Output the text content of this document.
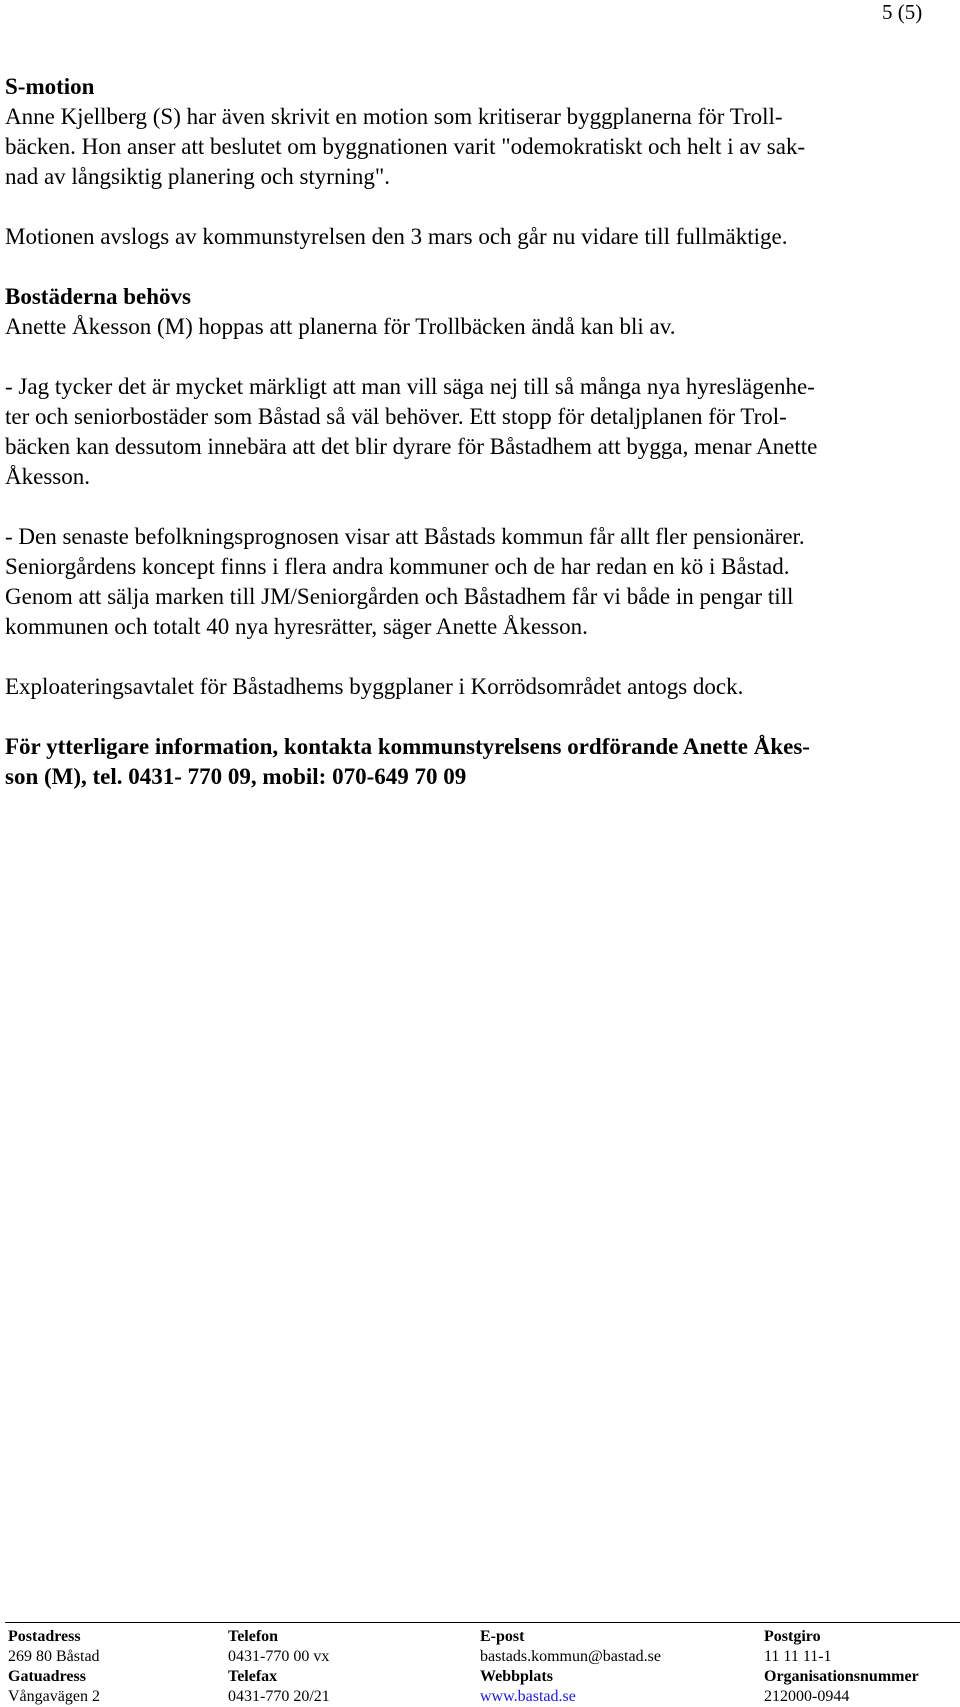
5 (5)

S-motion

Anne Kjellberg (S) har även skrivit en motion som kritiserar byggplanerna för Troll-
bäcken. Hon anser att beslutet om byggnationen varit "odemokratiskt och helt i av sak-
nad av långsiktig planering och styrning".

Motionen avslogs av kommunstyrelsen den 3 mars och går nu vidare till fullmäktige.

Bostäderna behövs

Anette Åkesson (M) hoppas att planerna för Trollbäcken ändå kan bli av.

- Jag tycker det är mycket märkligt att man vill säga nej till så många nya hyreslägenhe-
ter och seniorbostäder som Båstad så väl behöver. Ett stopp för detaljplanen för Trol-
bäcken kan dessutom innebära att det blir dyrare för Båstadhem att bygga, menar Anette
Åkesson.

- Den senaste befolkningsprognosen visar att Båstads kommun får allt fler pensionärer.
Seniorgårdens koncept finns i flera andra kommuner och de har redan en kö i Båstad.
Genom att sälja marken till JM/Seniorgården och Båstadhem får vi både in pengar till
kommunen och totalt 40 nya hyresrätter, säger Anette Åkesson.

Exploateringsavtalet för Båstadhems byggplaner i Korrödsområdet antogs dock.

För ytterligare information, kontakta kommunstyrelsens ordförande Anette Åkes-
son (M), tel. 0431- 770 09, mobil: 070-649 70 09

Postadress	Telefon	E-post	Postgiro
269 80 Båstad	0431-770 00 vx	bastads.kommun@bastad.se	11 11 11-1
Gatuadress	Telefax	Webbplats	Organisationsnummer
Vångavägen 2	0431-770 20/21	www.bastad.se	212000-0944
